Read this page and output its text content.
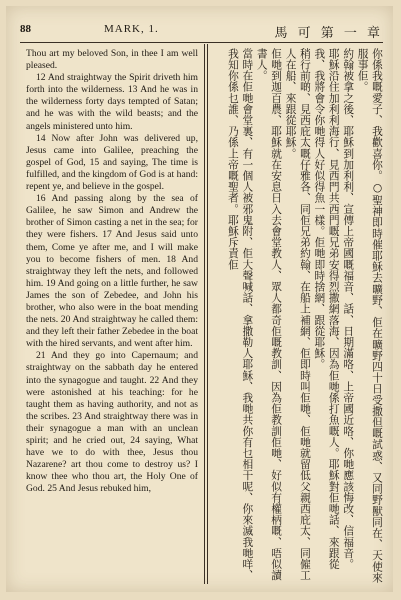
88	MARK, 1.	馬 可 第 一 章

Thou art my beloved Son, in thee I am well pleased.

12 And straightway the Spirit driveth him forth into the wilderness. 13 And he was in the wilderness forty days tempted of Satan; and he was with the wild beasts; and the angels ministered unto him.

14 Now after John was delivered up, Jesus came into Galilee, preaching the gospel of God, 15 and saying, The time is fulfilled, and the kingdom of God is at hand: repent ye, and believe in the gospel.

16 And passing along by the sea of Galilee, he saw Simon and Andrew the brother of Simon casting a net in the sea; for they were fishers. 17 And Jesus said unto them, Come ye after me, and I will make you to become fishers of men. 18 And straightway they left the nets, and followed him. 19 And going on a little further, he saw James the son of Zebedee, and John his brother, who also were in the boat mending the nets. 20 And straightway he called them: and they left their father Zebedee in the boat with the hired servants, and went after him.

21 And they go into Capernaum; and straightway on the sabbath day he entered into the synagogue and taught. 22 And they were astonished at his teaching: for he taught them as having authority, and not as the scribes. 23 And straightway there was in their synagogue a man with an unclean spirit; and he cried out, 24 saying, What have we to do with thee, Jesus thou Nazarene? art thou come to destroy us? I know thee who thou art, the Holy One of God. 25 And Jesus rebuked him,	你係我嘅愛子、我歡喜你。○聖神即時催耶穌去曠野、佢在曠野四十日受撒但嘅試惑、又同野獸同在、天使來服事佢。

約翰被拿之後、耶穌到加利利、宣傳上帝國嘅福音、話、日期滿咯、上帝國近咯、你哋應該悔改、信福音。

耶穌沿住加利利海行、見西門共西門嘅兄弟安得烈撒網落海、因為佢哋係打魚嘅人。耶穌對佢哋話、來跟從我、我將會令你哋得人好似得魚一樣。佢哋即時捨網、跟從耶穌。

稍行前啲、見西庇太嘅仔雅各、同佢兄弟約翰、在船上補網、佢即時叫佢哋、佢哋就留低父親西庇太、同僱工人在船、來跟從耶穌。

佢哋到迦百農、耶穌就在安息日入去會堂教人、眾人都奇佢嘅教訓、因為佢教訓佢哋、好似有權柄嘅、唔似讀書人。

當時在佢哋會堂裏、有一個人被邪鬼附、佢大聲喊話、拿撒勒人耶穌、我哋共你有乜相干呢、你來滅我哋咩、我知你係乜誰、乃係上帝嘅聖者。耶穌斥責佢
